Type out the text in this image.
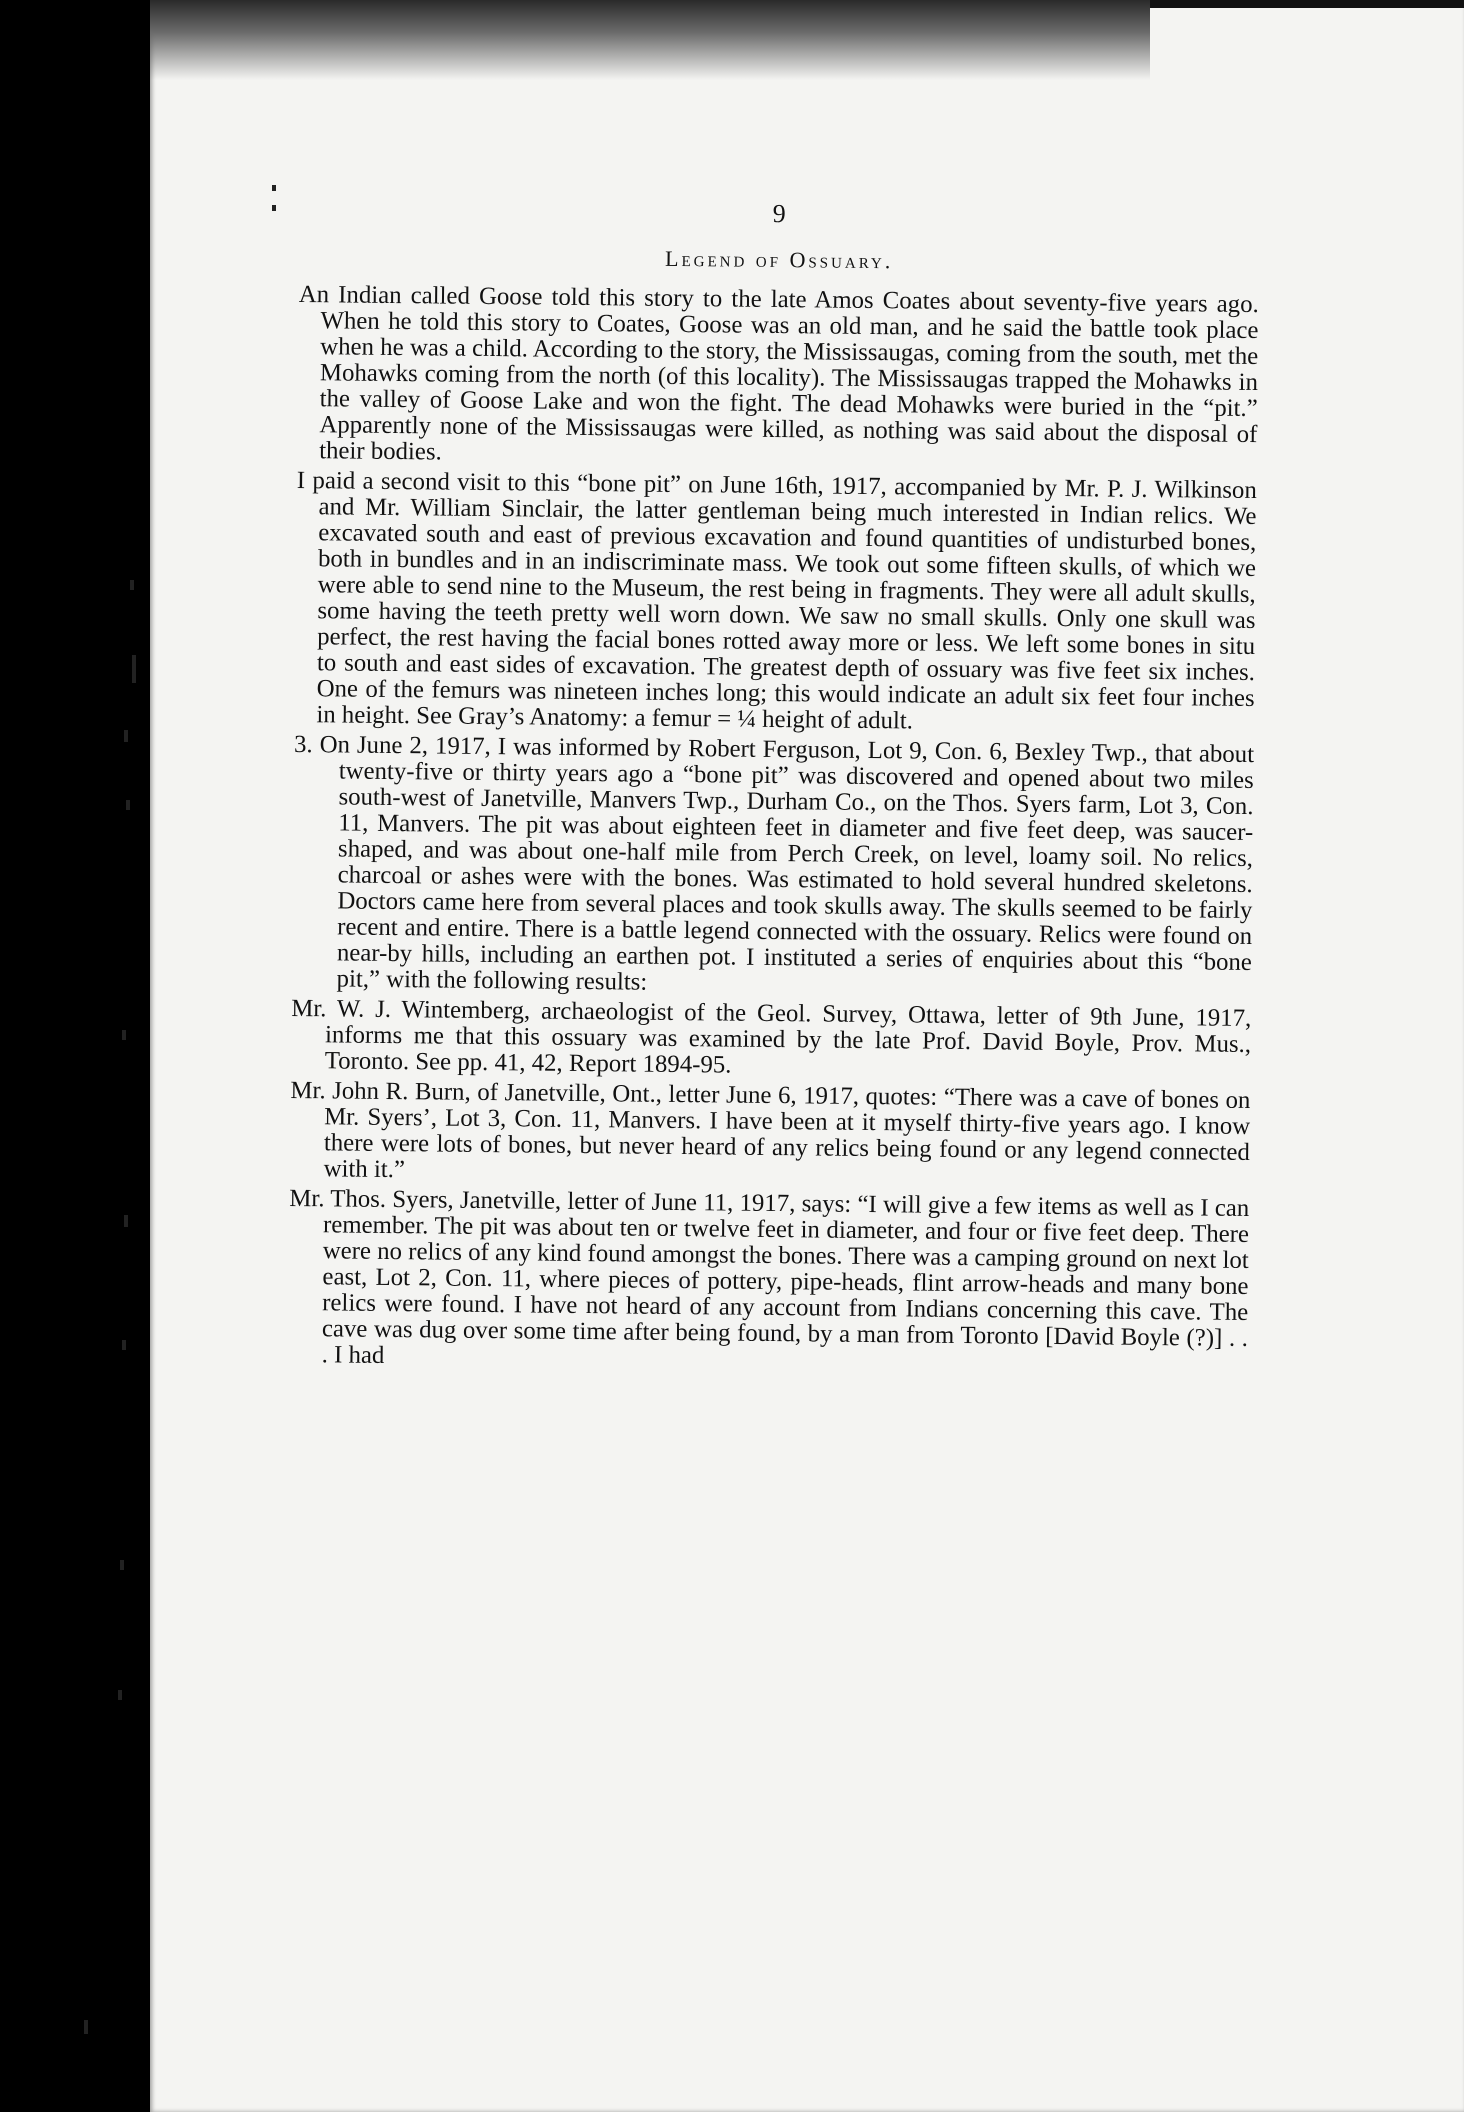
9
Legend of Ossuary.

An Indian called Goose told this story to the late Amos Coates about seventy-five years ago. When he told this story to Coates, Goose was an old man, and he said the battle took place when he was a child. According to the story, the Mississaugas, coming from the south, met the Mohawks coming from the north (of this locality). The Mississaugas trapped the Mohawks in the valley of Goose Lake and won the fight. The dead Mohawks were buried in the “pit.” Apparently none of the Mississaugas were killed, as nothing was said about the disposal of their bodies.

I paid a second visit to this “bone pit” on June 16th, 1917, accompanied by Mr. P. J. Wilkinson and Mr. William Sinclair, the latter gentleman being much interested in Indian relics. We excavated south and east of previous excavation and found quantities of undisturbed bones, both in bundles and in an indiscriminate mass. We took out some fifteen skulls, of which we were able to send nine to the Museum, the rest being in fragments. They were all adult skulls, some having the teeth pretty well worn down. We saw no small skulls. Only one skull was perfect, the rest having the facial bones rotted away more or less. We left some bones in situ to south and east sides of excavation. The greatest depth of ossuary was five feet six inches. One of the femurs was nineteen inches long; this would indicate an adult six feet four inches in height. See Gray’s Anatomy: a femur = ¼ height of adult.

3. On June 2, 1917, I was informed by Robert Ferguson, Lot 9, Con. 6, Bexley Twp., that about twenty-five or thirty years ago a “bone pit” was discovered and opened about two miles south-west of Janetville, Manvers Twp., Durham Co., on the Thos. Syers farm, Lot 3, Con. 11, Manvers. The pit was about eighteen feet in diameter and five feet deep, was saucer-shaped, and was about one-half mile from Perch Creek, on level, loamy soil. No relics, charcoal or ashes were with the bones. Was estimated to hold several hundred skeletons. Doctors came here from several places and took skulls away. The skulls seemed to be fairly recent and entire. There is a battle legend connected with the ossuary. Relics were found on near-by hills, including an earthen pot. I instituted a series of enquiries about this “bone pit,” with the following results:

Mr. W. J. Wintemberg, archaeologist of the Geol. Survey, Ottawa, letter of 9th June, 1917, informs me that this ossuary was examined by the late Prof. David Boyle, Prov. Mus., Toronto. See pp. 41, 42, Report 1894-95.

Mr. John R. Burn, of Janetville, Ont., letter June 6, 1917, quotes: “There was a cave of bones on Mr. Syers’, Lot 3, Con. 11, Manvers. I have been at it myself thirty-five years ago. I know there were lots of bones, but never heard of any relics being found or any legend connected with it.”

Mr. Thos. Syers, Janetville, letter of June 11, 1917, says: “I will give a few items as well as I can remember. The pit was about ten or twelve feet in diameter, and four or five feet deep. There were no relics of any kind found amongst the bones. There was a camping ground on next lot east, Lot 2, Con. 11, where pieces of pottery, pipe-heads, flint arrow-heads and many bone relics were found. I have not heard of any account from Indians concerning this cave. The cave was dug over some time after being found, by a man from Toronto [David Boyle (?)] . . . I had
